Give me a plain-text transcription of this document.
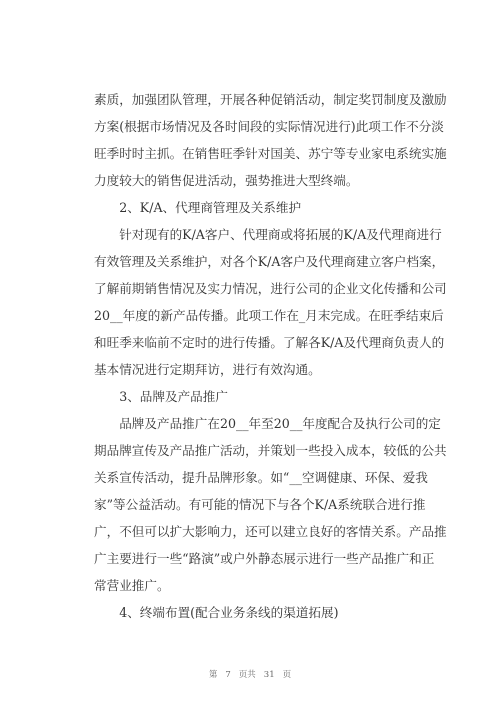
素质，加强团队管理，开展各种促销活动，制定奖罚制度及激励
方案(根据市场情况及各时间段的实际情况进行)此项工作不分淡
旺季时时主抓。在销售旺季针对国美、苏宁等专业家电系统实施
力度较大的销售促进活动，强势推进大型终端。
　　2、K/A、代理商管理及关系维护
　　针对现有的K/A客户、代理商或将拓展的K/A及代理商进行
有效管理及关系维护，对各个K/A客户及代理商建立客户档案，
了解前期销售情况及实力情况，进行公司的企业文化传播和公司
20__年度的新产品传播。此项工作在_月末完成。在旺季结束后
和旺季来临前不定时的进行传播。了解各K/A及代理商负责人的
基本情况进行定期拜访，进行有效沟通。
　　3、品牌及产品推广
　　品牌及产品推广在20__年至20__年度配合及执行公司的定
期品牌宣传及产品推广活动，并策划一些投入成本，较低的公共
关系宣传活动，提升品牌形象。如“__空调健康、环保、爱我
家”等公益活动。有可能的情况下与各个K/A系统联合进行推
广，不但可以扩大影响力，还可以建立良好的客情关系。产品推
广主要进行一些“路演”或户外静态展示进行一些产品推广和正
常营业推广。
　　4、终端布置(配合业务条线的渠道拓展)
第 7 页共 31 页
